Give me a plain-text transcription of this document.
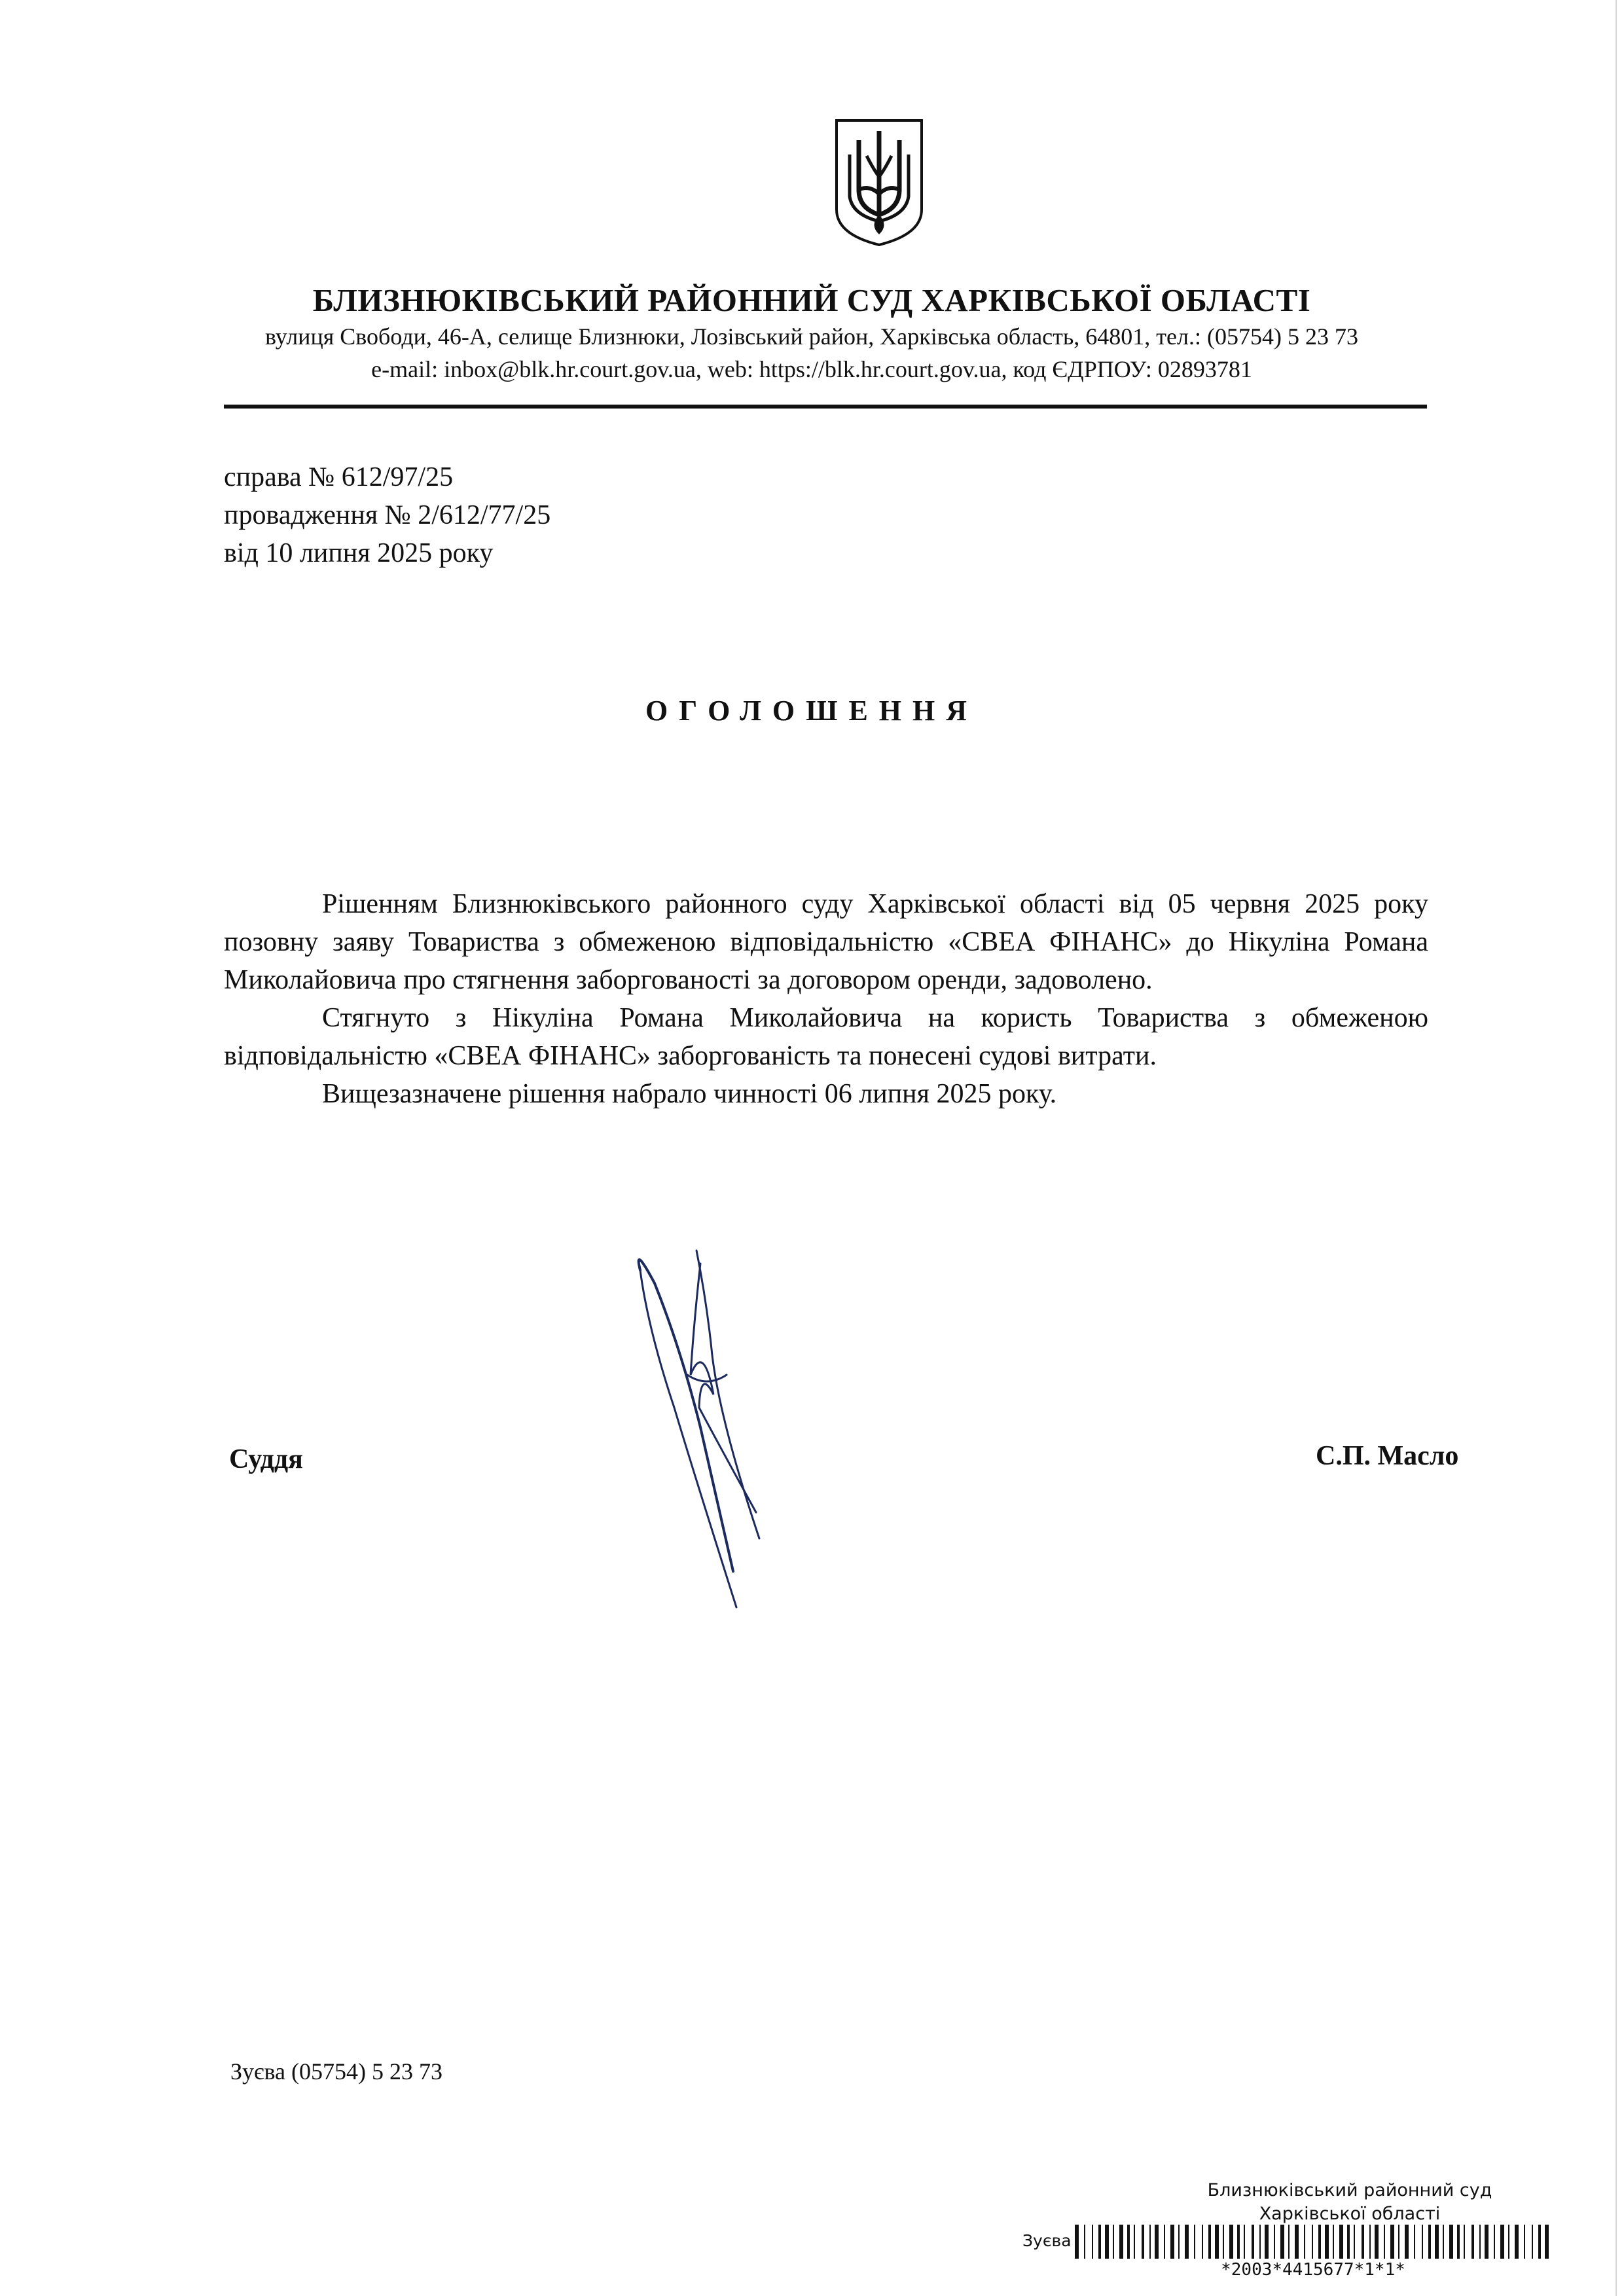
БЛИЗНЮКІВСЬКИЙ РАЙОННИЙ СУД ХАРКІВСЬКОЇ ОБЛАСТІ
вулиця Свободи, 46-А, селище Близнюки, Лозівський район, Харківська область, 64801, тел.: (05754) 5 23 73
e-mail: inbox@blk.hr.court.gov.ua, web: https://blk.hr.court.gov.ua, код ЄДРПОУ: 02893781
справа № 612/97/25
провадження № 2/612/77/25
від 10 липня 2025 року
ОГОЛОШЕННЯ

Рішенням Близнюківського районного суду Харківської області від 05 червня 2025 року позовну заяву Товариства з обмеженою відповідальністю «СВЕА ФІНАНС» до Нікуліна Романа Миколайовича про стягнення заборгованості за договором оренди, задоволено.

Стягнуто з Нікуліна Романа Миколайовича на користь Товариства з обмеженою відповідальністю «СВЕА ФІНАНС» заборгованість та понесені судові витрати.

Вищезазначене рішення набрало чинності 06 липня 2025 року.

Суддя	С.П. Масло
Зуєва (05754) 5 23 73
Близнюківський районний суд
Харківської області
Зуєва
*2003*4415677*1*1*
